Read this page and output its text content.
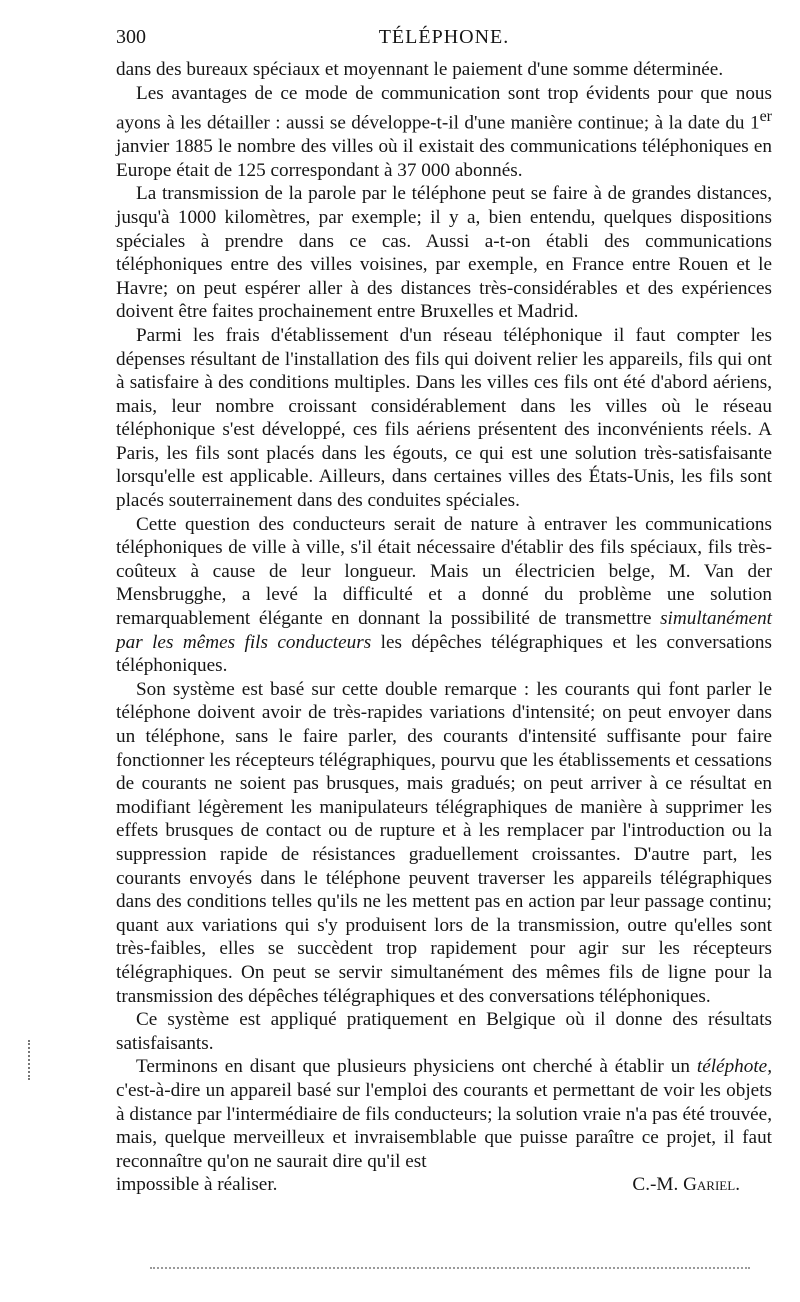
300	TÉLÉPHONE.

dans des bureaux spéciaux et moyennant le paiement d'une somme déterminée.

Les avantages de ce mode de communication sont trop évidents pour que nous ayons à les détailler : aussi se développe-t-il d'une manière continue; à la date du 1er janvier 1885 le nombre des villes où il existait des communications téléphoniques en Europe était de 125 correspondant à 37 000 abonnés.

La transmission de la parole par le téléphone peut se faire à de grandes distances, jusqu'à 1000 kilomètres, par exemple; il y a, bien entendu, quelques dispositions spéciales à prendre dans ce cas. Aussi a-t-on établi des communications téléphoniques entre des villes voisines, par exemple, en France entre Rouen et le Havre; on peut espérer aller à des distances très-considérables et des expériences doivent être faites prochainement entre Bruxelles et Madrid.

Parmi les frais d'établissement d'un réseau téléphonique il faut compter les dépenses résultant de l'installation des fils qui doivent relier les appareils, fils qui ont à satisfaire à des conditions multiples. Dans les villes ces fils ont été d'abord aériens, mais, leur nombre croissant considérablement dans les villes où le réseau téléphonique s'est développé, ces fils aériens présentent des inconvénients réels. A Paris, les fils sont placés dans les égouts, ce qui est une solution très-satisfaisante lorsqu'elle est applicable. Ailleurs, dans certaines villes des États-Unis, les fils sont placés souterrainement dans des conduites spéciales.

Cette question des conducteurs serait de nature à entraver les communications téléphoniques de ville à ville, s'il était nécessaire d'établir des fils spéciaux, fils très-coûteux à cause de leur longueur. Mais un électricien belge, M. Van der Mensbrugghe, a levé la difficulté et a donné du problème une solution remarquablement élégante en donnant la possibilité de transmettre simultanément par les mêmes fils conducteurs les dépêches télégraphiques et les conversations téléphoniques.

Son système est basé sur cette double remarque : les courants qui font parler le téléphone doivent avoir de très-rapides variations d'intensité; on peut envoyer dans un téléphone, sans le faire parler, des courants d'intensité suffisante pour faire fonctionner les récepteurs télégraphiques, pourvu que les établissements et cessations de courants ne soient pas brusques, mais gradués; on peut arriver à ce résultat en modifiant légèrement les manipulateurs télégraphiques de manière à supprimer les effets brusques de contact ou de rupture et à les remplacer par l'introduction ou la suppression rapide de résistances graduellement croissantes. D'autre part, les courants envoyés dans le téléphone peuvent traverser les appareils télégraphiques dans des conditions telles qu'ils ne les mettent pas en action par leur passage continu; quant aux variations qui s'y produisent lors de la transmission, outre qu'elles sont très-faibles, elles se succèdent trop rapidement pour agir sur les récepteurs télégraphiques. On peut se servir simultanément des mêmes fils de ligne pour la transmission des dépêches télégraphiques et des conversations téléphoniques.

Ce système est appliqué pratiquement en Belgique où il donne des résultats satisfaisants.

Terminons en disant que plusieurs physiciens ont cherché à établir un téléphote, c'est-à-dire un appareil basé sur l'emploi des courants et permettant de voir les objets à distance par l'intermédiaire de fils conducteurs; la solution vraie n'a pas été trouvée, mais, quelque merveilleux et invraisemblable que puisse paraître ce projet, il faut reconnaître qu'on ne saurait dire qu'il est

impossible à réaliser.	C.-M. Gariel.
